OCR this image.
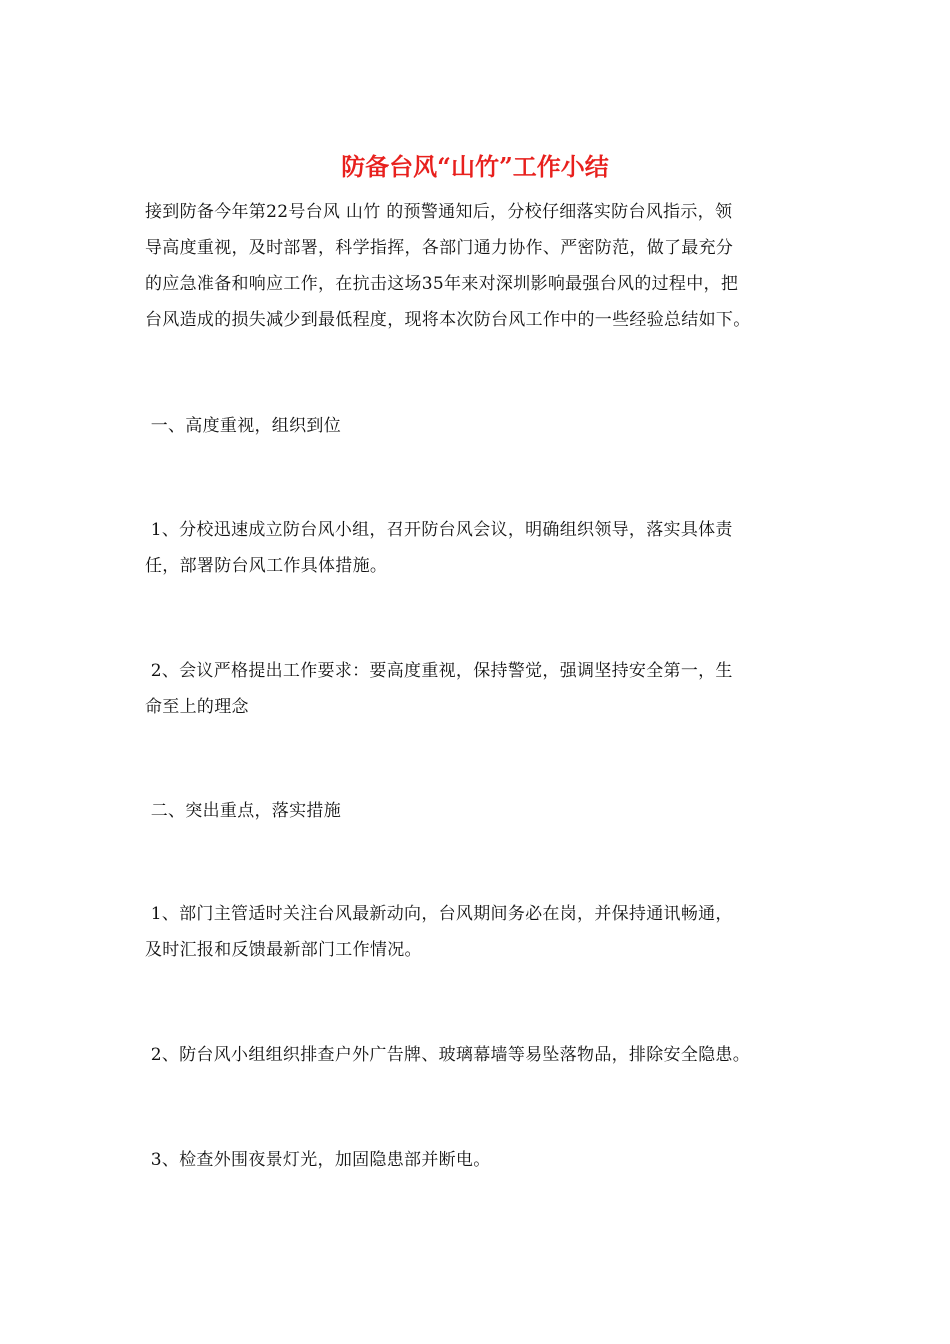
防备台风“山竹”工作小结
接到防备今年第22号台风 山竹 的预警通知后，分校仔细落实防台风指示，领
导高度重视，及时部署，科学指挥，各部门通力协作、严密防范，做了最充分
的应急准备和响应工作，在抗击这场35年来对深圳影响最强台风的过程中，把
台风造成的损失减少到最低程度，现将本次防台风工作中的一些经验总结如下。
一、高度重视，组织到位
1、分校迅速成立防台风小组，召开防台风会议，明确组织领导，落实具体责
任，部署防台风工作具体措施。
2、会议严格提出工作要求：要高度重视，保持警觉，强调坚持安全第一，生
命至上的理念
二、突出重点，落实措施
1、部门主管适时关注台风最新动向，台风期间务必在岗，并保持通讯畅通，
及时汇报和反馈最新部门工作情况。
2、防台风小组组织排查户外广告牌、玻璃幕墙等易坠落物品，排除安全隐患。
3、检查外围夜景灯光，加固隐患部并断电。
